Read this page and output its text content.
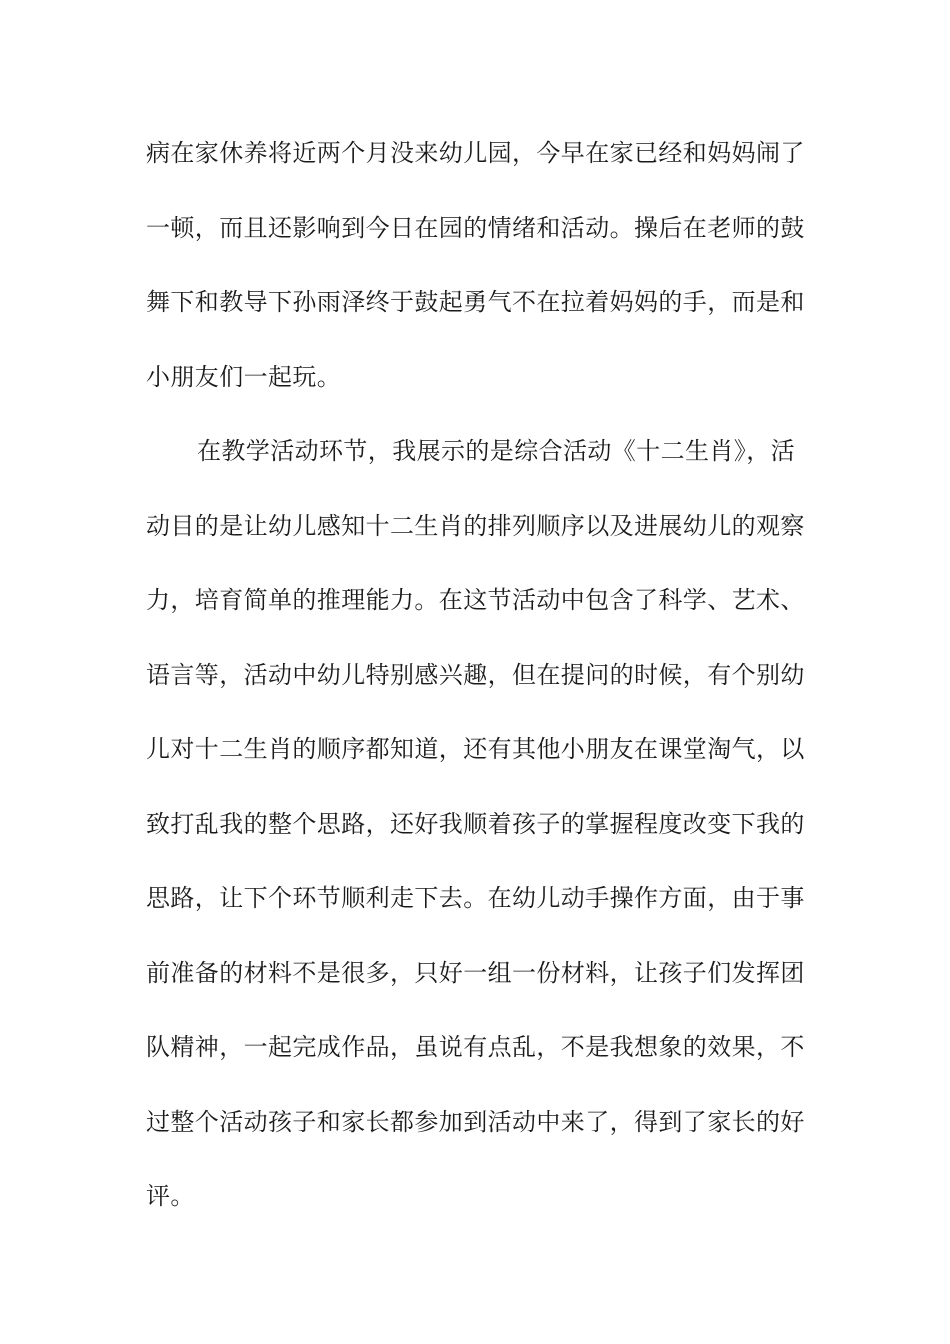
病在家休养将近两个月没来幼儿园，今早在家已经和妈妈闹了
一顿，而且还影响到今日在园的情绪和活动。操后在老师的鼓
舞下和教导下孙雨泽终于鼓起勇气不在拉着妈妈的手，而是和
小朋友们一起玩。
在教学活动环节，我展示的是综合活动《十二生肖》，活
动目的是让幼儿感知十二生肖的排列顺序以及进展幼儿的观察
力，培育简单的推理能力。在这节活动中包含了科学、艺术、
语言等，活动中幼儿特别感兴趣，但在提问的时候，有个别幼
儿对十二生肖的顺序都知道，还有其他小朋友在课堂淘气，以
致打乱我的整个思路，还好我顺着孩子的掌握程度改变下我的
思路，让下个环节顺利走下去。在幼儿动手操作方面，由于事
前准备的材料不是很多，只好一组一份材料，让孩子们发挥团
队精神，一起完成作品，虽说有点乱，不是我想象的效果，不
过整个活动孩子和家长都参加到活动中来了，得到了家长的好
评。
